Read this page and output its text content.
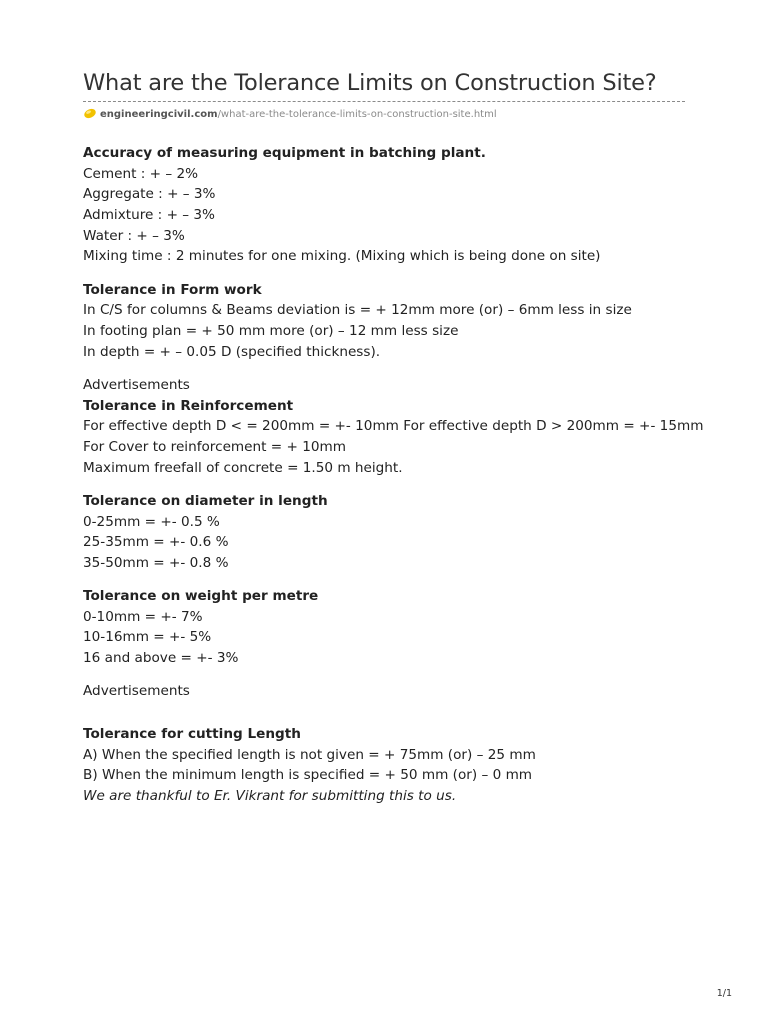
What are the Tolerance Limits on Construction Site?
engineeringcivil.com/what-are-the-tolerance-limits-on-construction-site.html
Accuracy of measuring equipment in batching plant.
Cement : + – 2%
Aggregate : + – 3%
Admixture : + – 3%
Water : + – 3%
Mixing time : 2 minutes for one mixing. (Mixing which is being done on site)
Tolerance in Form work
In C/S for columns & Beams deviation is = + 12mm more (or) – 6mm less in size
In footing plan = + 50 mm more (or) – 12 mm less size
In depth = + – 0.05 D (specified thickness).
Advertisements
Tolerance in Reinforcement
For effective depth D < = 200mm = +- 10mm For effective depth D > 200mm = +- 15mm
For Cover to reinforcement = + 10mm
Maximum freefall of concrete = 1.50 m height.
Tolerance on diameter in length
0-25mm = +- 0.5 %
25-35mm = +- 0.6 %
35-50mm = +- 0.8 %
Tolerance on weight per metre
0-10mm = +- 7%
10-16mm = +- 5%
16 and above = +- 3%
Advertisements
Tolerance for cutting Length
A) When the specified length is not given = + 75mm (or) – 25 mm
B) When the minimum length is specified = + 50 mm (or) – 0 mm
We are thankful to Er. Vikrant for submitting this to us.
1/1
